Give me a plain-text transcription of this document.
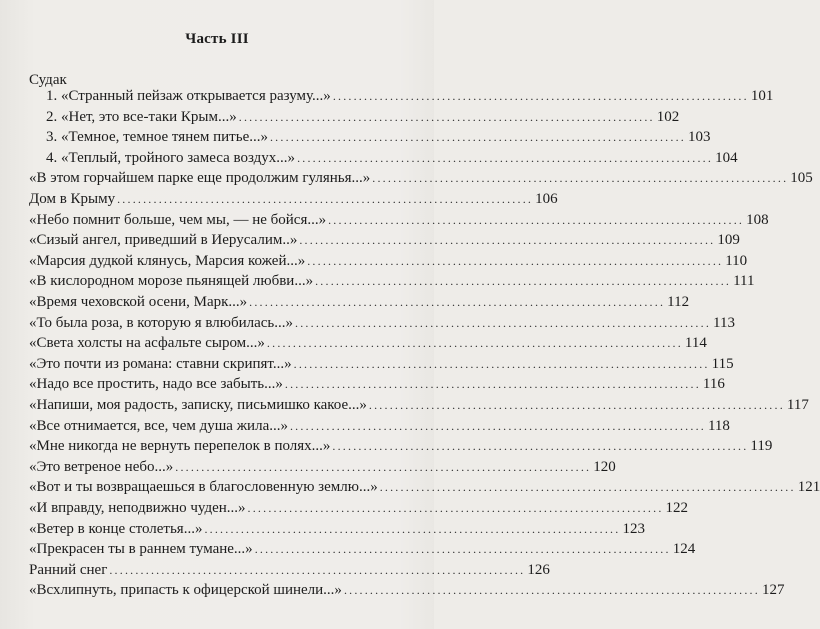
Часть III
Судак
1. «Странный пейзаж открывается разуму...» ................................................................................ 101
2. «Нет, это все-таки Крым...» ................................................................................ 102
3. «Темное, темное тянем питье...» ................................................................................ 103
4. «Теплый, тройного замеса воздух...» ................................................................................ 104
«В этом горчайшем парке еще продолжим гулянья...» ................................................................................ 105
Дом в Крыму ................................................................................ 106
«Небо помнит больше, чем мы, — не бойся...» ................................................................................ 108
«Сизый ангел, приведший в Иерусалим..» ................................................................................ 109
«Марсия дудкой клянусь, Марсия кожей...» ................................................................................ 110
«В кислородном морозе пьянящей любви...» ................................................................................ 111
«Время чеховской осени, Марк...» ................................................................................ 112
«То была роза, в которую я влюбилась...» ................................................................................ 113
«Света холсты на асфальте сыром...» ................................................................................ 114
«Это почти из романа: ставни скрипят...» ................................................................................ 115
«Надо все простить, надо все забыть...» ................................................................................ 116
«Напиши, моя радость, записку, письмишко какое...» ................................................................................ 117
«Все отнимается, все, чем душа жила...» ................................................................................ 118
«Мне никогда не вернуть перепелок в полях...» ................................................................................ 119
«Это ветреное небо...» ................................................................................ 120
«Вот и ты возвращаешься в благословенную землю...» ................................................................................ 121
«И вправду, неподвижно чуден...» ................................................................................ 122
«Ветер в конце столетья...» ................................................................................ 123
«Прекрасен ты в раннем тумане...» ................................................................................ 124
Ранний снег ................................................................................ 126
«Всхлипнуть, припасть к офицерской шинели...» ................................................................................ 127
